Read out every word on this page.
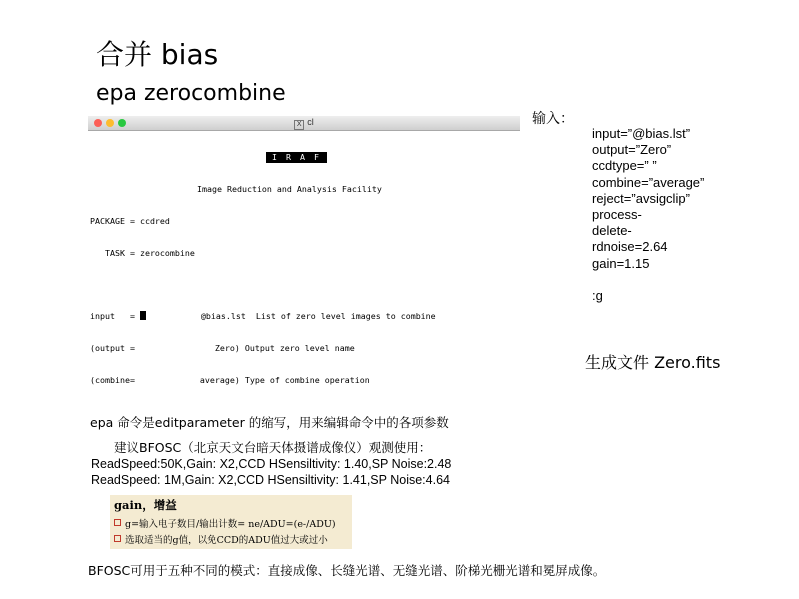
合并 bias
epa zerocombine
X cl

I R A F

Image Reduction and Analysis Facility

PACKAGE = ccdred

TASK = zerocombine

input   =            @bias.lst  List of zero level images to combine

(output =                Zero) Output zero level name

(combine=             average) Type of combine operation

输入：
input=”@bias.lst”
output=”Zero”
ccdtype=” ”
combine=”average”
reject=”avsigclip”
process-
delete-
rdnoise=2.64
gain=1.15
:g
生成文件 Zero.fits
epa 命令是editparameter 的缩写，用来编辑命令中的各项参数
建议BFOSC（北京天文台暗天体摄谱成像仪）观测使用：
ReadSpeed:50K,Gain: X2,CCD HSensiltivity: 1.40,SP Noise:2.48
ReadSpeed: 1M,Gain: X2,CCD HSensiltivity: 1.41,SP Noise:4.64
gain，增益
g=输入电子数目/输出计数= ne/ADU=(e-/ADU)
选取适当的g值，以免CCD的ADU值过大或过小
BFOSC可用于五种不同的模式：直接成像、长缝光谱、无缝光谱、阶梯光栅光谱和冕屏成像。
